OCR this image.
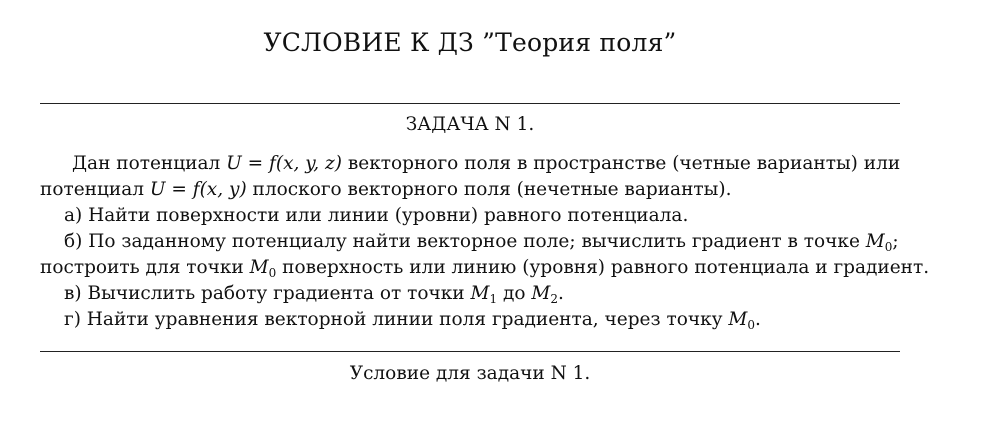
УСЛОВИЕ К ДЗ ”Теория поля”
ЗАДАЧА N 1.
Дан потенциал U = f(x, y, z) векторного поля в пространстве (четные варианты) или
потенциал U = f(x, y) плоского векторного поля (нечетные варианты).
а) Найти поверхности или линии (уровни) равного потенциала.
б) По заданному потенциалу найти векторное поле; вычислить градиент в точке $M_0$;
построить для точки $M_0$ поверхность или линию (уровня) равного потенциала и градиент.
в) Вычислить работу градиента от точки $M_1$ до $M_2$.
г) Найти уравнения векторной линии поля градиента, через точку $M_0$.
Условие для задачи N 1.
